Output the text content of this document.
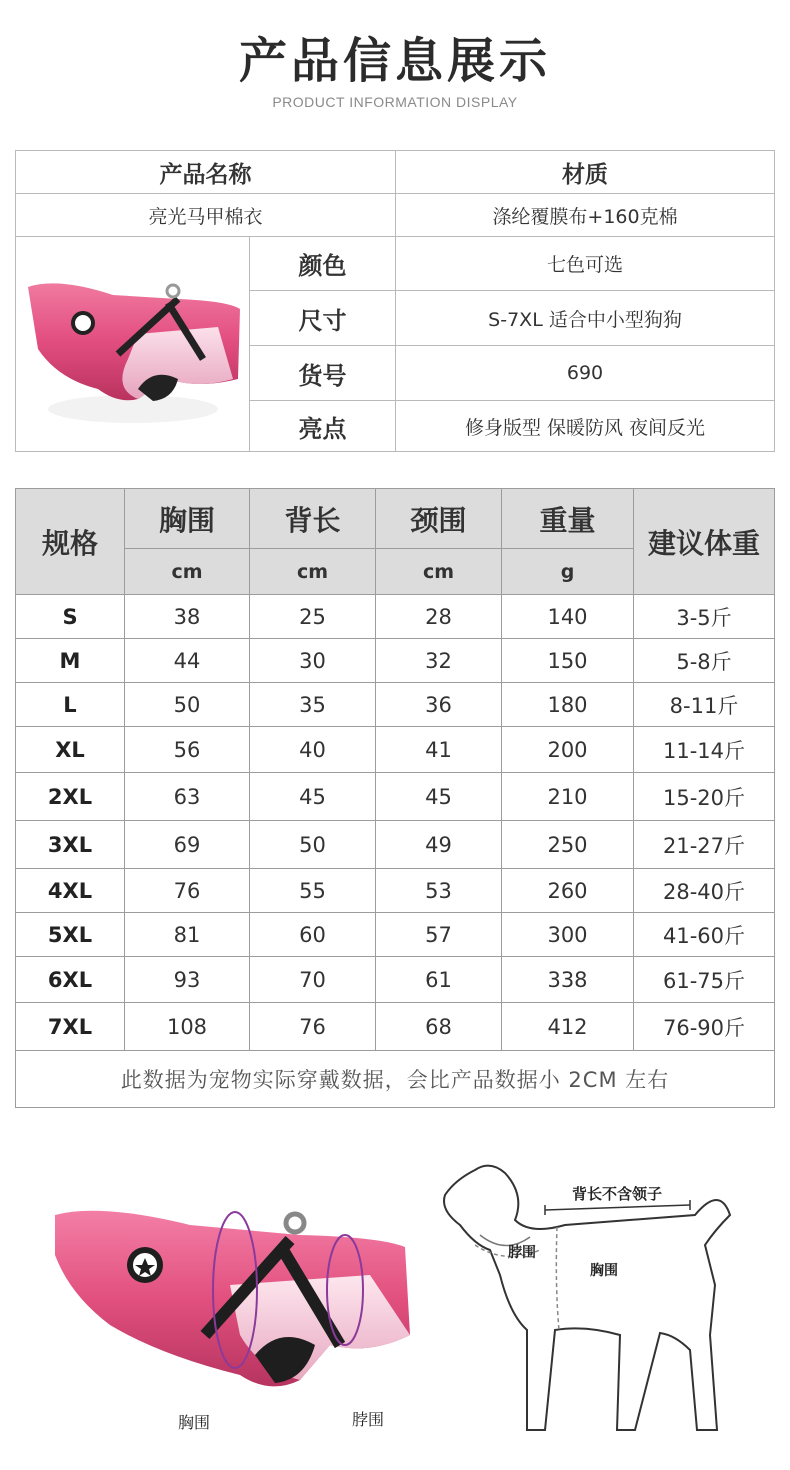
产品信息展示
PRODUCT INFORMATION DISPLAY
产品名称	材质
亮光马甲棉衣	涤纶覆膜布+160克棉
颜色	七色可选
尺寸	S-7XL 适合中小型狗狗
货号	690
亮点	修身版型 保暖防风 夜间反光
规格
胸围	背长	颈围	重量
建议体重
cm	cm	cm	g
此数据为宠物实际穿戴数据，会比产品数据小 2CM 左右
S	38	25	28	140	3-5斤
M	44	30	32	150	5-8斤
L	50	35	36	180	8-11斤
XL	56	40	41	200	11-14斤
2XL	63	45	45	210	15-20斤
3XL	69	50	49	250	21-27斤
4XL	76	55	53	260	28-40斤
5XL	81	60	57	300	41-60斤
6XL	93	70	61	338	61-75斤
7XL	108	76	68	412	76-90斤
胸围	脖围
背长不含领子
脖围
胸围
